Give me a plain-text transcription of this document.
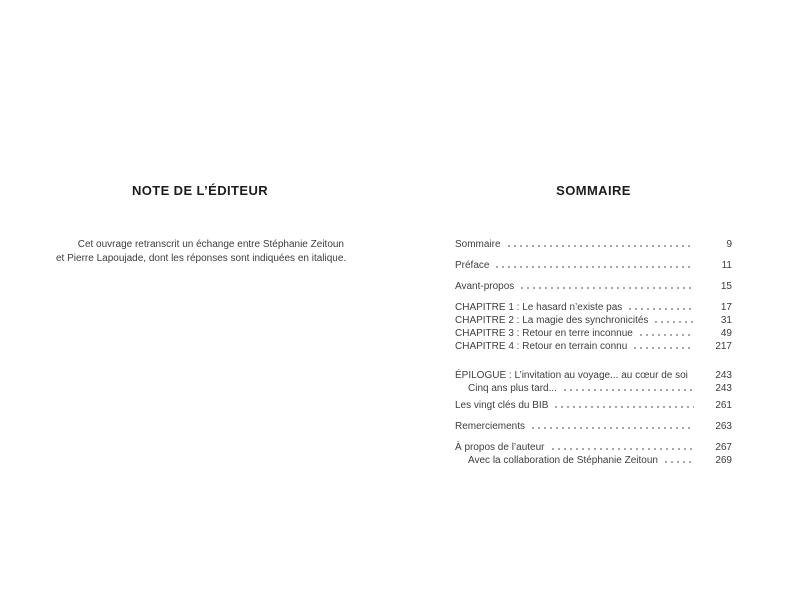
NOTE DE L’ÉDITEUR
Cet ouvrage retranscrit un échange entre Stéphanie Zeitoun
et Pierre Lapoujade, dont les réponses sont indiquées en italique.
SOMMAIRE
Sommaire	9
Préface	11
Avant-propos	15
CHAPITRE 1 : Le hasard n’existe pas	17
CHAPITRE 2 : La magie des synchronicités	31
CHAPITRE 3 : Retour en terre inconnue	49
CHAPITRE 4 : Retour en terrain connu	217
ÉPILOGUE : L’invitation au voyage... au cœur de soi	243
Cinq ans plus tard...	243
Les vingt clés du BIB	261
Remerciements	263
À propos de l’auteur	267
Avec la collaboration de Stéphanie Zeitoun	269
